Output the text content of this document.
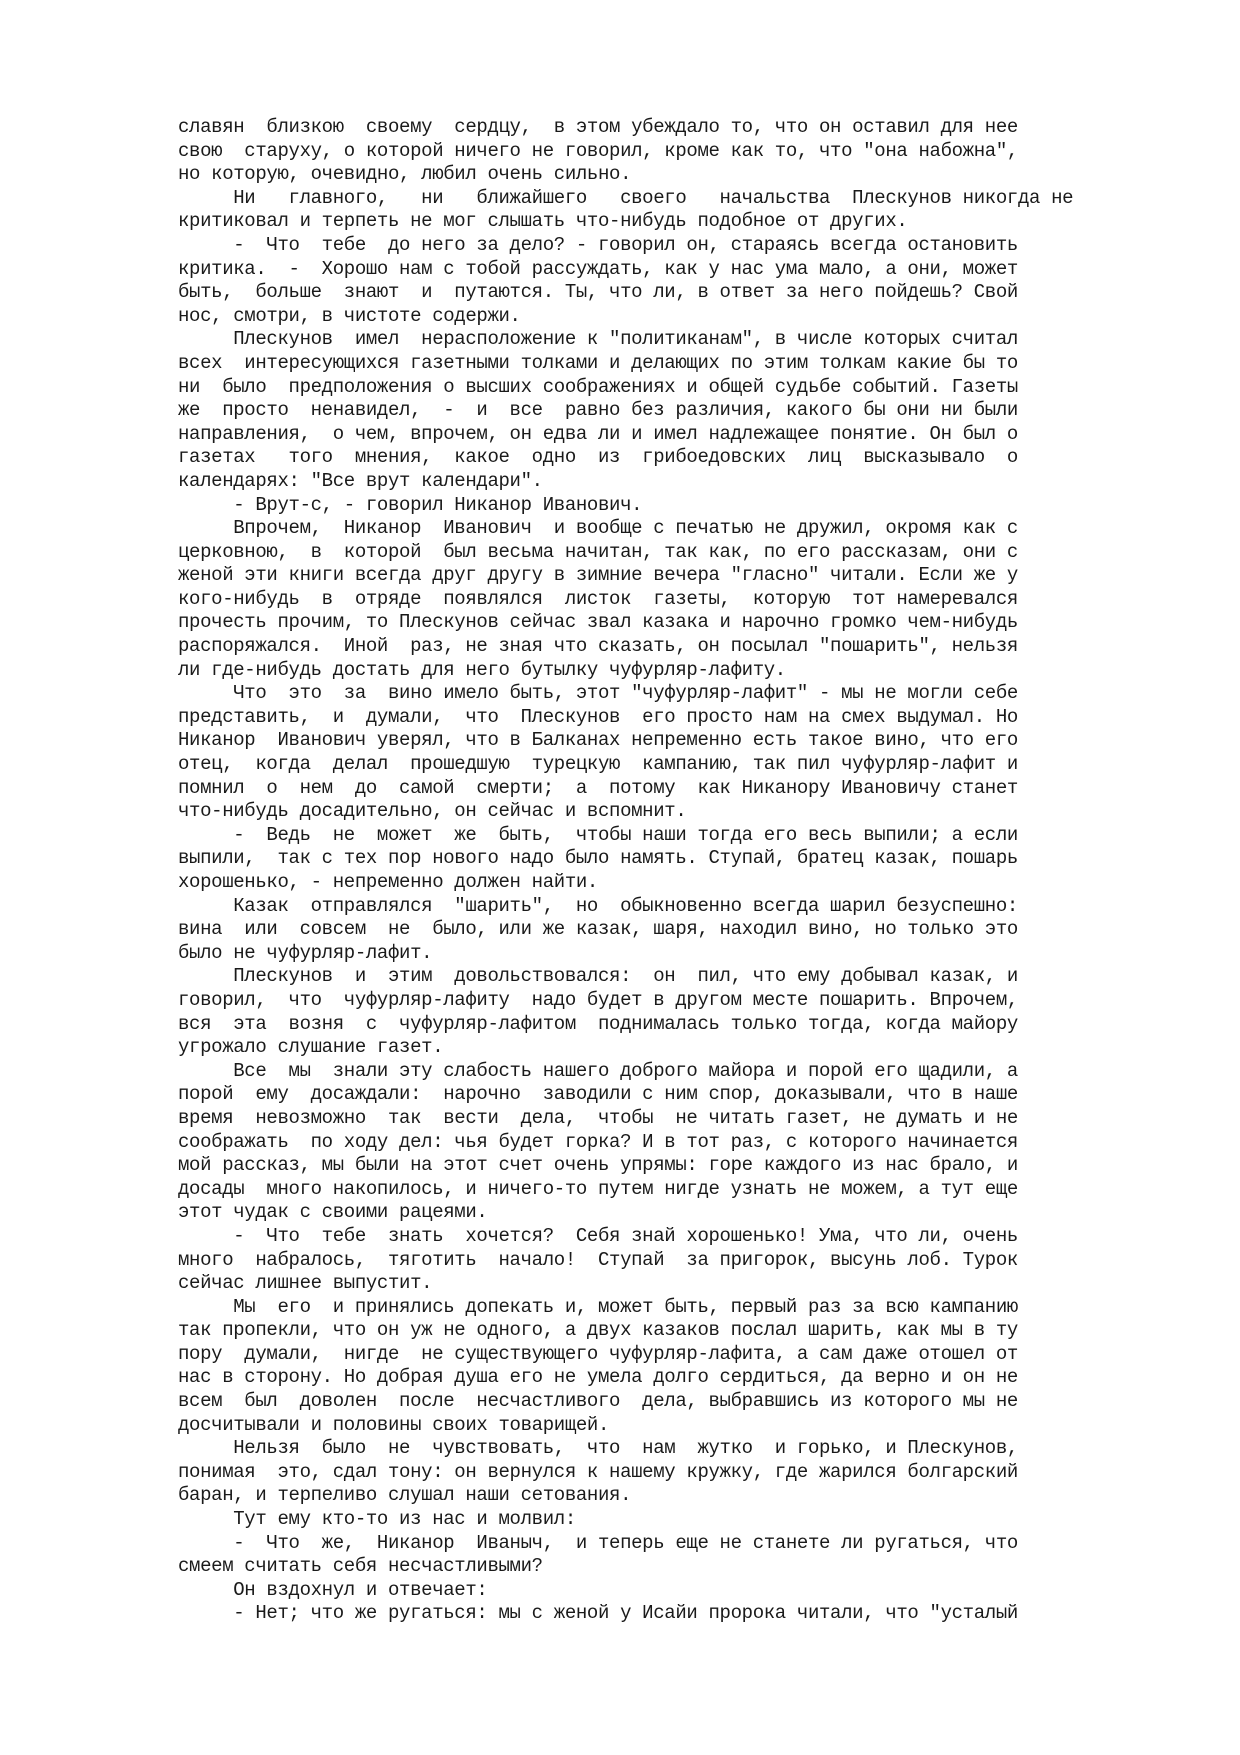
славян  близкою  своему  сердцу,  в этом убеждало то, что он оставил для нее
свою  старуху, о которой ничего не говорил, кроме как то, что "она набожна",
но которую, очевидно, любил очень сильно.
Ни   главного,   ни   ближайшего   своего   начальства  Плескунов никогда не
критиковал и терпеть не мог слышать что-нибудь подобное от других.
-  Что  тебе  до него за дело? - говорил он, стараясь всегда остановить
критика.  -  Хорошо нам с тобой рассуждать, как у нас ума мало, а они, может
быть,  больше  знают  и  путаются. Ты, что ли, в ответ за него пойдешь? Свой
нос, смотри, в чистоте содержи.
Плескунов  имел  нерасположение к "политиканам", в числе которых считал
всех  интересующихся газетными толками и делающих по этим толкам какие бы то
ни  было  предположения о высших соображениях и общей судьбе событий. Газеты
же  просто  ненавидел,  -  и  все  равно без различия, какого бы они ни были
направления,  о чем, впрочем, он едва ли и имел надлежащее понятие. Он был о
газетах   того  мнения,  какое  одно  из  грибоедовских  лиц  высказывало  о
календарях: "Все врут календари".
- Врут-с, - говорил Никанор Иванович.
Впрочем,  Никанор  Иванович  и вообще с печатью не дружил, окромя как с
церковною,  в  которой  был весьма начитан, так как, по его рассказам, они с
женой эти книги всегда друг другу в зимние вечера "гласно" читали. Если же у
кого-нибудь  в  отряде  появлялся  листок  газеты,  которую  тот намеревался
прочесть прочим, то Плескунов сейчас звал казака и нарочно громко чем-нибудь
распоряжался.  Иной  раз, не зная что сказать, он посылал "пошарить", нельзя
ли где-нибудь достать для него бутылку чуфурляр-лафиту.
Что  это  за  вино имело быть, этот "чуфурляр-лафит" - мы не могли себе
представить,  и  думали,  что  Плескунов  его просто нам на смех выдумал. Но
Никанор  Иванович уверял, что в Балканах непременно есть такое вино, что его
отец,  когда  делал  прошедшую  турецкую  кампанию, так пил чуфурляр-лафит и
помнил  о  нем  до  самой  смерти;  а  потому  как Никанору Ивановичу станет
что-нибудь досадительно, он сейчас и вспомнит.
-  Ведь  не  может  же  быть,  чтобы наши тогда его весь выпили; а если
выпили,  так с тех пор нового надо было намять. Ступай, братец казак, пошарь
хорошенько, - непременно должен найти.
Казак  отправлялся  "шарить",  но  обыкновенно всегда шарил безуспешно:
вина  или  совсем  не  было, или же казак, шаря, находил вино, но только это
было не чуфурляр-лафит.
Плескунов  и  этим  довольствовался:  он  пил, что ему добывал казак, и
говорил,  что  чуфурляр-лафиту  надо будет в другом месте пошарить. Впрочем,
вся  эта  возня  с  чуфурляр-лафитом  поднималась только тогда, когда майору
угрожало слушание газет.
Все  мы  знали эту слабость нашего доброго майора и порой его щадили, а
порой  ему  досаждали:  нарочно  заводили с ним спор, доказывали, что в наше
время  невозможно  так  вести  дела,  чтобы  не читать газет, не думать и не
соображать  по ходу дел: чья будет горка? И в тот раз, с которого начинается
мой рассказ, мы были на этот счет очень упрямы: горе каждого из нас брало, и
досады  много накопилось, и ничего-то путем нигде узнать не можем, а тут еще
этот чудак с своими рацеями.
-  Что  тебе  знать  хочется?  Себя знай хорошенько! Ума, что ли, очень
много  набралось,  тяготить  начало!  Ступай  за пригорок, высунь лоб. Турок
сейчас лишнее выпустит.
Мы  его  и принялись допекать и, может быть, первый раз за всю кампанию
так пропекли, что он уж не одного, а двух казаков послал шарить, как мы в ту
пору  думали,  нигде  не существующего чуфурляр-лафита, а сам даже отошел от
нас в сторону. Но добрая душа его не умела долго сердиться, да верно и он не
всем  был  доволен  после  несчастливого  дела, выбравшись из которого мы не
досчитывали и половины своих товарищей.
Нельзя  было  не  чувствовать,  что  нам  жутко  и горько, и Плескунов,
понимая  это, сдал тону: он вернулся к нашему кружку, где жарился болгарский
баран, и терпеливо слушал наши сетования.
Тут ему кто-то из нас и молвил:
-  Что  же,  Никанор  Иваныч,  и теперь еще не станете ли ругаться, что
смеем считать себя несчастливыми?
Он вздохнул и отвечает:
- Нет; что же ругаться: мы с женой у Исайи пророка читали, что "усталый
